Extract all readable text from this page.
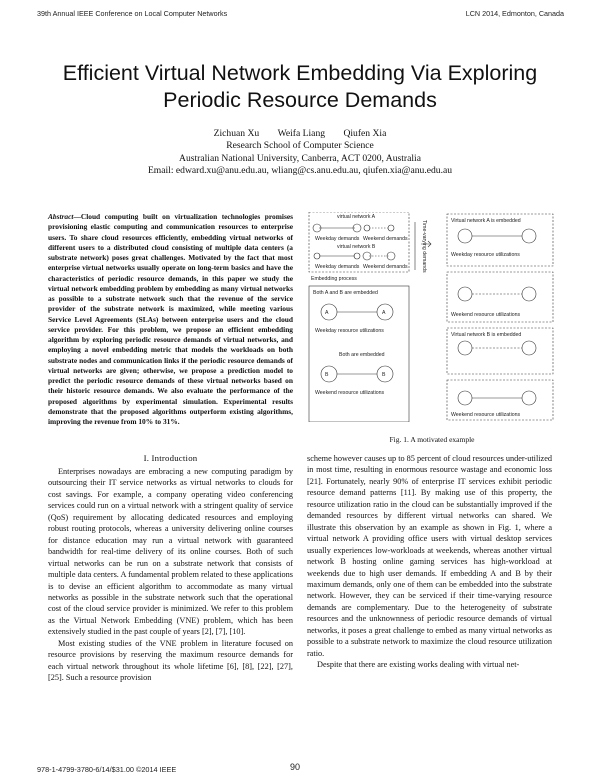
39th Annual IEEE Conference on Local Computer Networks	LCN 2014, Edmonton, Canada
Efficient Virtual Network Embedding Via Exploring
Periodic Resource Demands
Zichuan Xu Weifa Liang Qiufen Xia
Research School of Computer Science
Australian National University, Canberra, ACT 0200, Australia
Email: edward.xu@anu.edu.au, wliang@cs.anu.edu.au, qiufen.xia@anu.edu.au
Abstract—Cloud computing built on virtualization technologies promises provisioning elastic computing and communication resources to enterprise users. To share cloud resources efficiently, embedding virtual networks of different users to a distributed cloud consisting of multiple data centers (a substrate network) poses great challenges. Motivated by the fact that most enterprise virtual networks usually operate on long-term basics and have the characteristics of periodic resource demands, in this paper we study the virtual network embedding problem by embedding as many virtual networks as possible to a substrate network such that the revenue of the service provider of the substrate network is maximized, while meeting various Service Level Agreements (SLAs) between enterprise users and the cloud service provider. For this problem, we propose an efficient embedding algorithm by exploring periodic resource demands of virtual networks, and employing a novel embedding metric that models the workloads on both substrate nodes and communication links if the periodic resource demands of virtual networks are given; otherwise, we propose a prediction model to predict the periodic resource demands of these virtual networks based on their historic resource demands. We also evaluate the performance of the proposed algorithms by experimental simulation. Experimental results demonstrate that the proposed algorithms outperform existing algorithms, improving the revenue from 10% to 31%.
virtual network A
Weekday demands Weekend demands
virtual network B
Weekday demands Weekend demands
Embedding process
Both A and B are embedded
Weekday resource utilizations
Both are embedded
Weekend resource utilizations
Virtual network A is embedded
Weekday resource utilizations
Weekend resource utilizations
Virtual network B is embedded
Weekend resource utilizations
A	A
B	B
Time-varying demands
Fig. 1. A motivated example
I. Introduction

Enterprises nowadays are embracing a new computing paradigm by outsourcing their IT service networks as virtual networks to clouds for cost savings. For example, a company operating video conferencing services could run on a virtual network with a stringent quality of service (QoS) requirement by allocating dedicated resources and employing robust routing protocols, whereas a university delivering online courses for distance education may run a virtual network with guaranteed bandwidth for real-time delivery of its online courses. Both of such virtual networks can be run on a substrate network that consists of multiple data centers. A fundamental problem related to these applications is to devise an efficient algorithm to accommodate as many virtual networks as possible in the substrate network such that the operational cost of the cloud service provider is minimized. We refer to this problem as the Virtual Network Embedding (VNE) problem, which has been extensively studied in the past couple of years [2], [7], [10].

Most existing studies of the VNE problem in literature focused on resource provisions by reserving the maximum resource demands for each virtual network throughout its whole lifetime [6], [8], [22], [27], [25]. Such a resource provision

scheme however causes up to 85 percent of cloud resources under-utilized in most time, resulting in enormous resource wastage and economic loss [21]. Fortunately, nearly 90% of enterprise IT services exhibit periodic resource demand patterns [11]. By making use of this property, the resource utilization ratio in the cloud can be substantially improved if the demanded resources by different virtual networks can shared. We illustrate this observation by an example as shown in Fig. 1, where a virtual network A providing office users with virtual desktop services usually experiences low-workloads at weekends, whereas another virtual network B hosting online gaming services has high-workload at weekends due to high user demands. If embedding A and B by their maximum demands, only one of them can be embedded into the substrate network. However, they can be serviced if their time-varying resource demands are complementary. Due to the heterogeneity of substrate resources and the unknownness of periodic resource demands of virtual networks, it poses a great challenge to embed as many virtual networks as possible to a substrate network to maximize the cloud resource utilization ratio.

Despite that there are existing works dealing with virtual net-

978-1-4799-3780-6/14/$31.00 ©2014 IEEE	90
